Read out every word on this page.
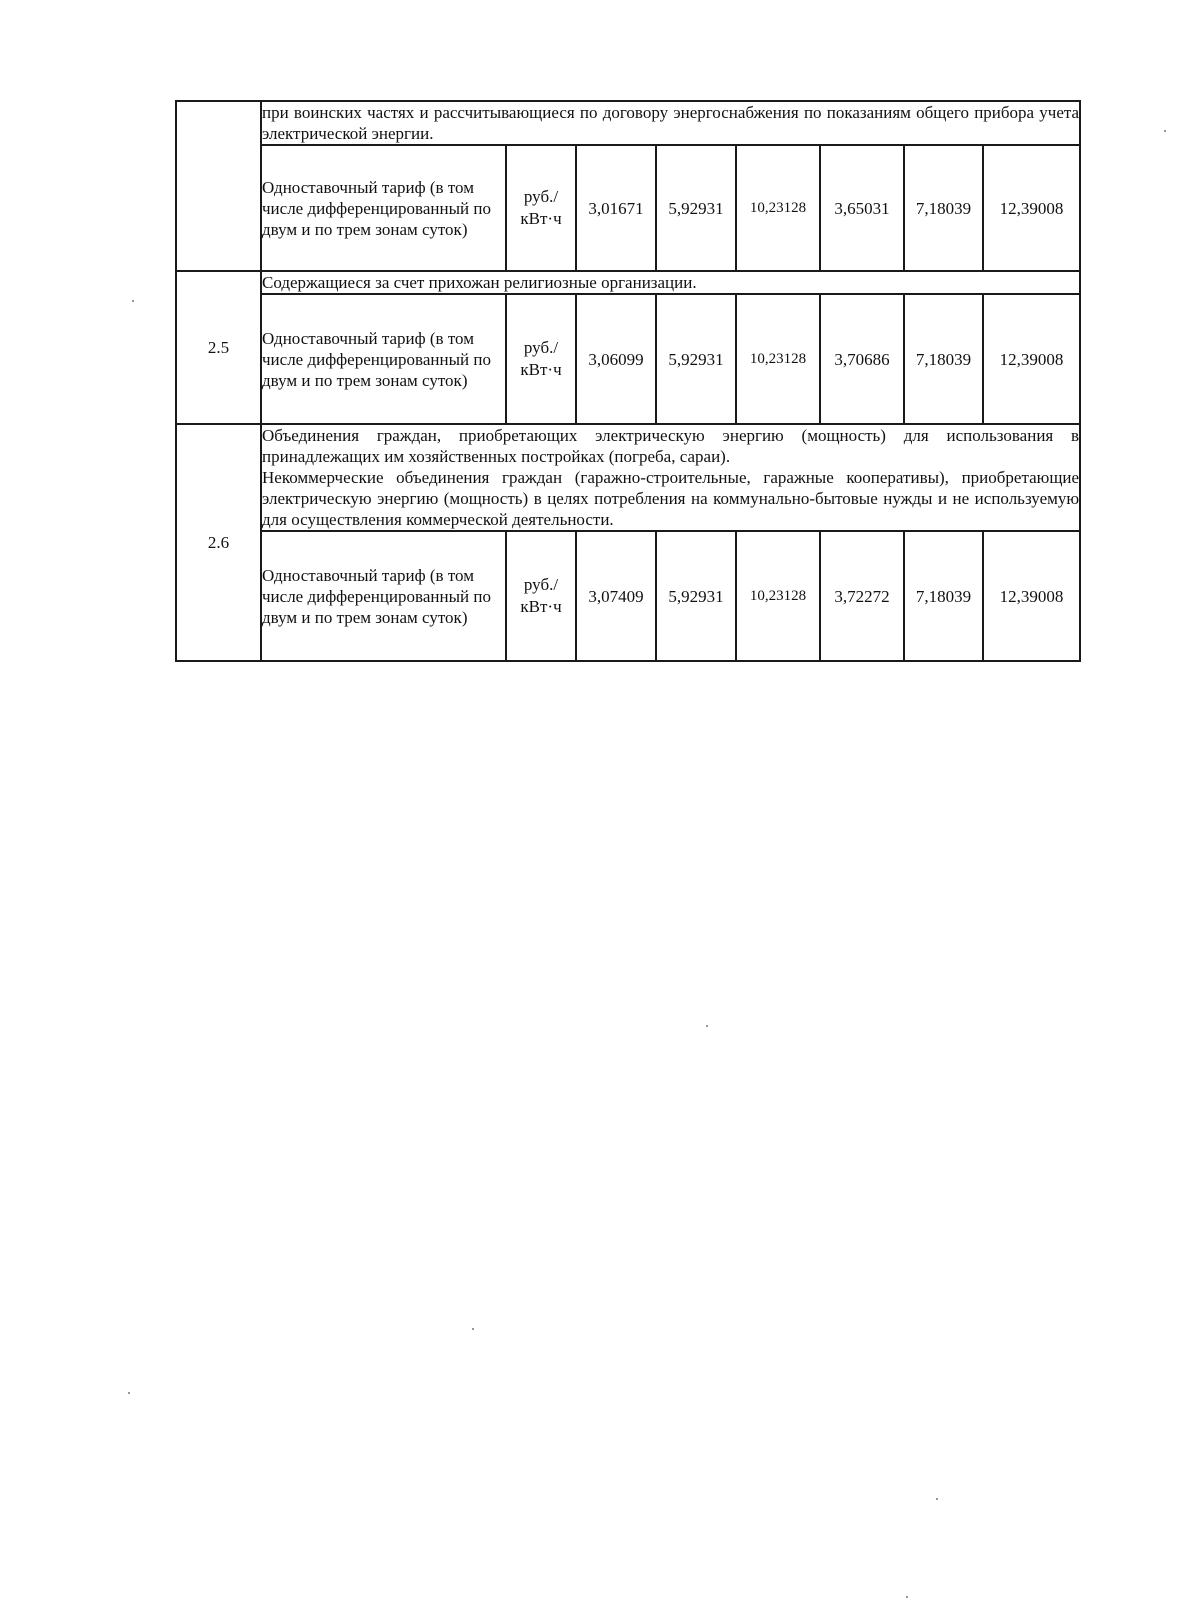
	при воинских частях и рассчитывающиеся по договору энергоснабжения по показаниям общего прибора учета электрической энергии.							

	Одноставочный тариф (в том числе дифференцированный по двум и по трем зонам суток)	руб./ кВт·ч	3,01671	5,92931	10,23128	3,65031	7,18039	12,39008
2.5	Содержащиеся за счет прихожан религиозные организации.							

	Одноставочный тариф (в том числе дифференцированный по двум и по трем зонам суток)	руб./ кВт·ч	3,06099	5,92931	10,23128	3,70686	7,18039	12,39008
2.6	Объединения граждан, приобретающих электрическую энергию (мощность) для использования в принадлежащих им хозяйственных постройках (погреба, сараи).

Некоммерческие объединения граждан (гаражно-строительные, гаражные кооперативы), приобретающие электрическую энергию (мощность) в целях потребления на коммунально-бытовые нужды и не используемую для осуществления коммерческой деятельности.							

	Одноставочный тариф (в том числе дифференцированный по двум и по трем зонам суток)	руб./ кВт·ч	3,07409	5,92931	10,23128	3,72272	7,18039	12,39008
